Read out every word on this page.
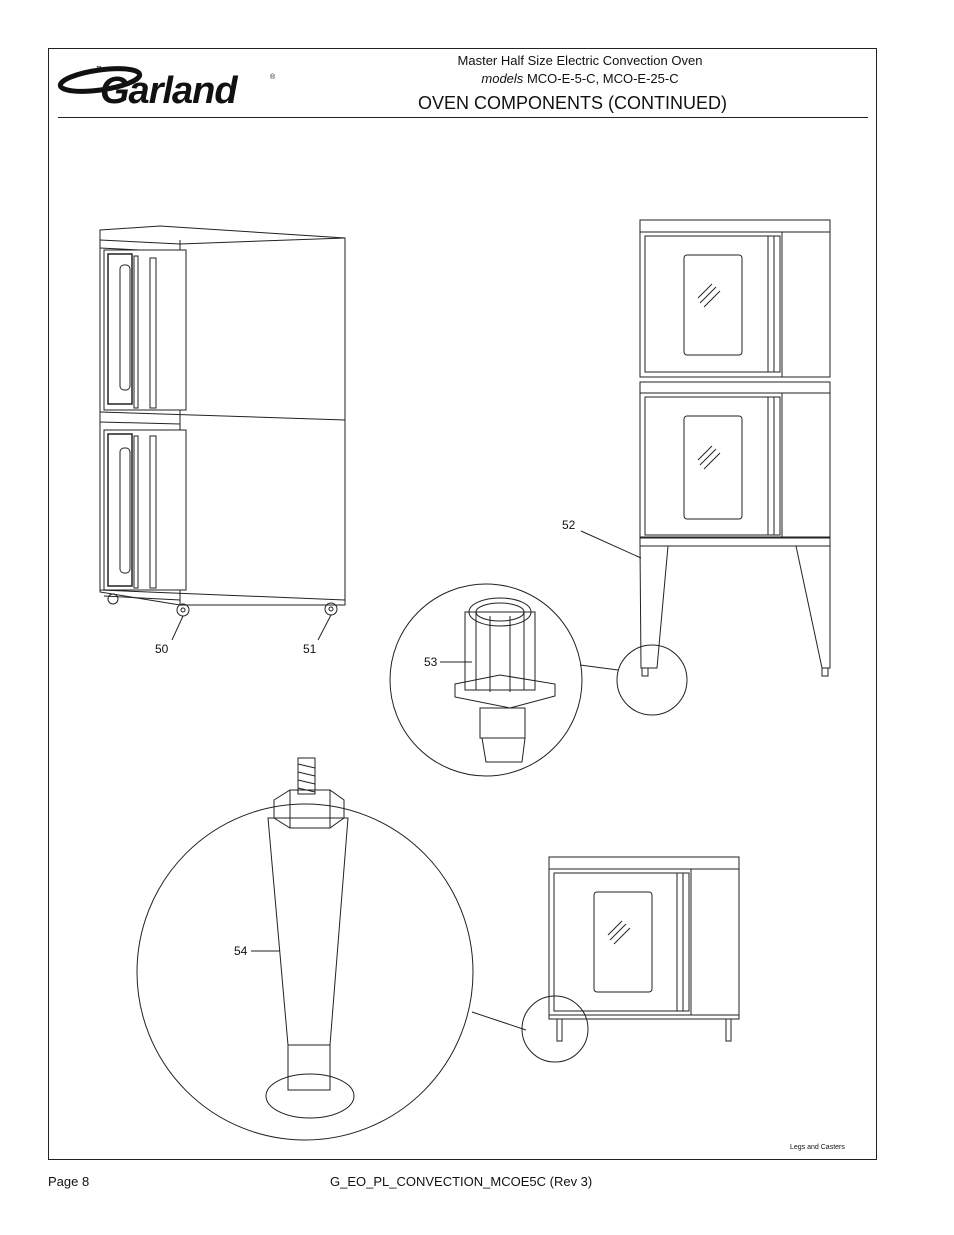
Garland
™
®
Master Half Size Electric Convection Oven
models MCO-E-5-C, MCO-E-25-C
OVEN COMPONENTS (CONTINUED)
50	51
52
53
54
Legs and Casters
Page 8	G_EO_PL_CONVECTION_MCOE5C (Rev 3)
